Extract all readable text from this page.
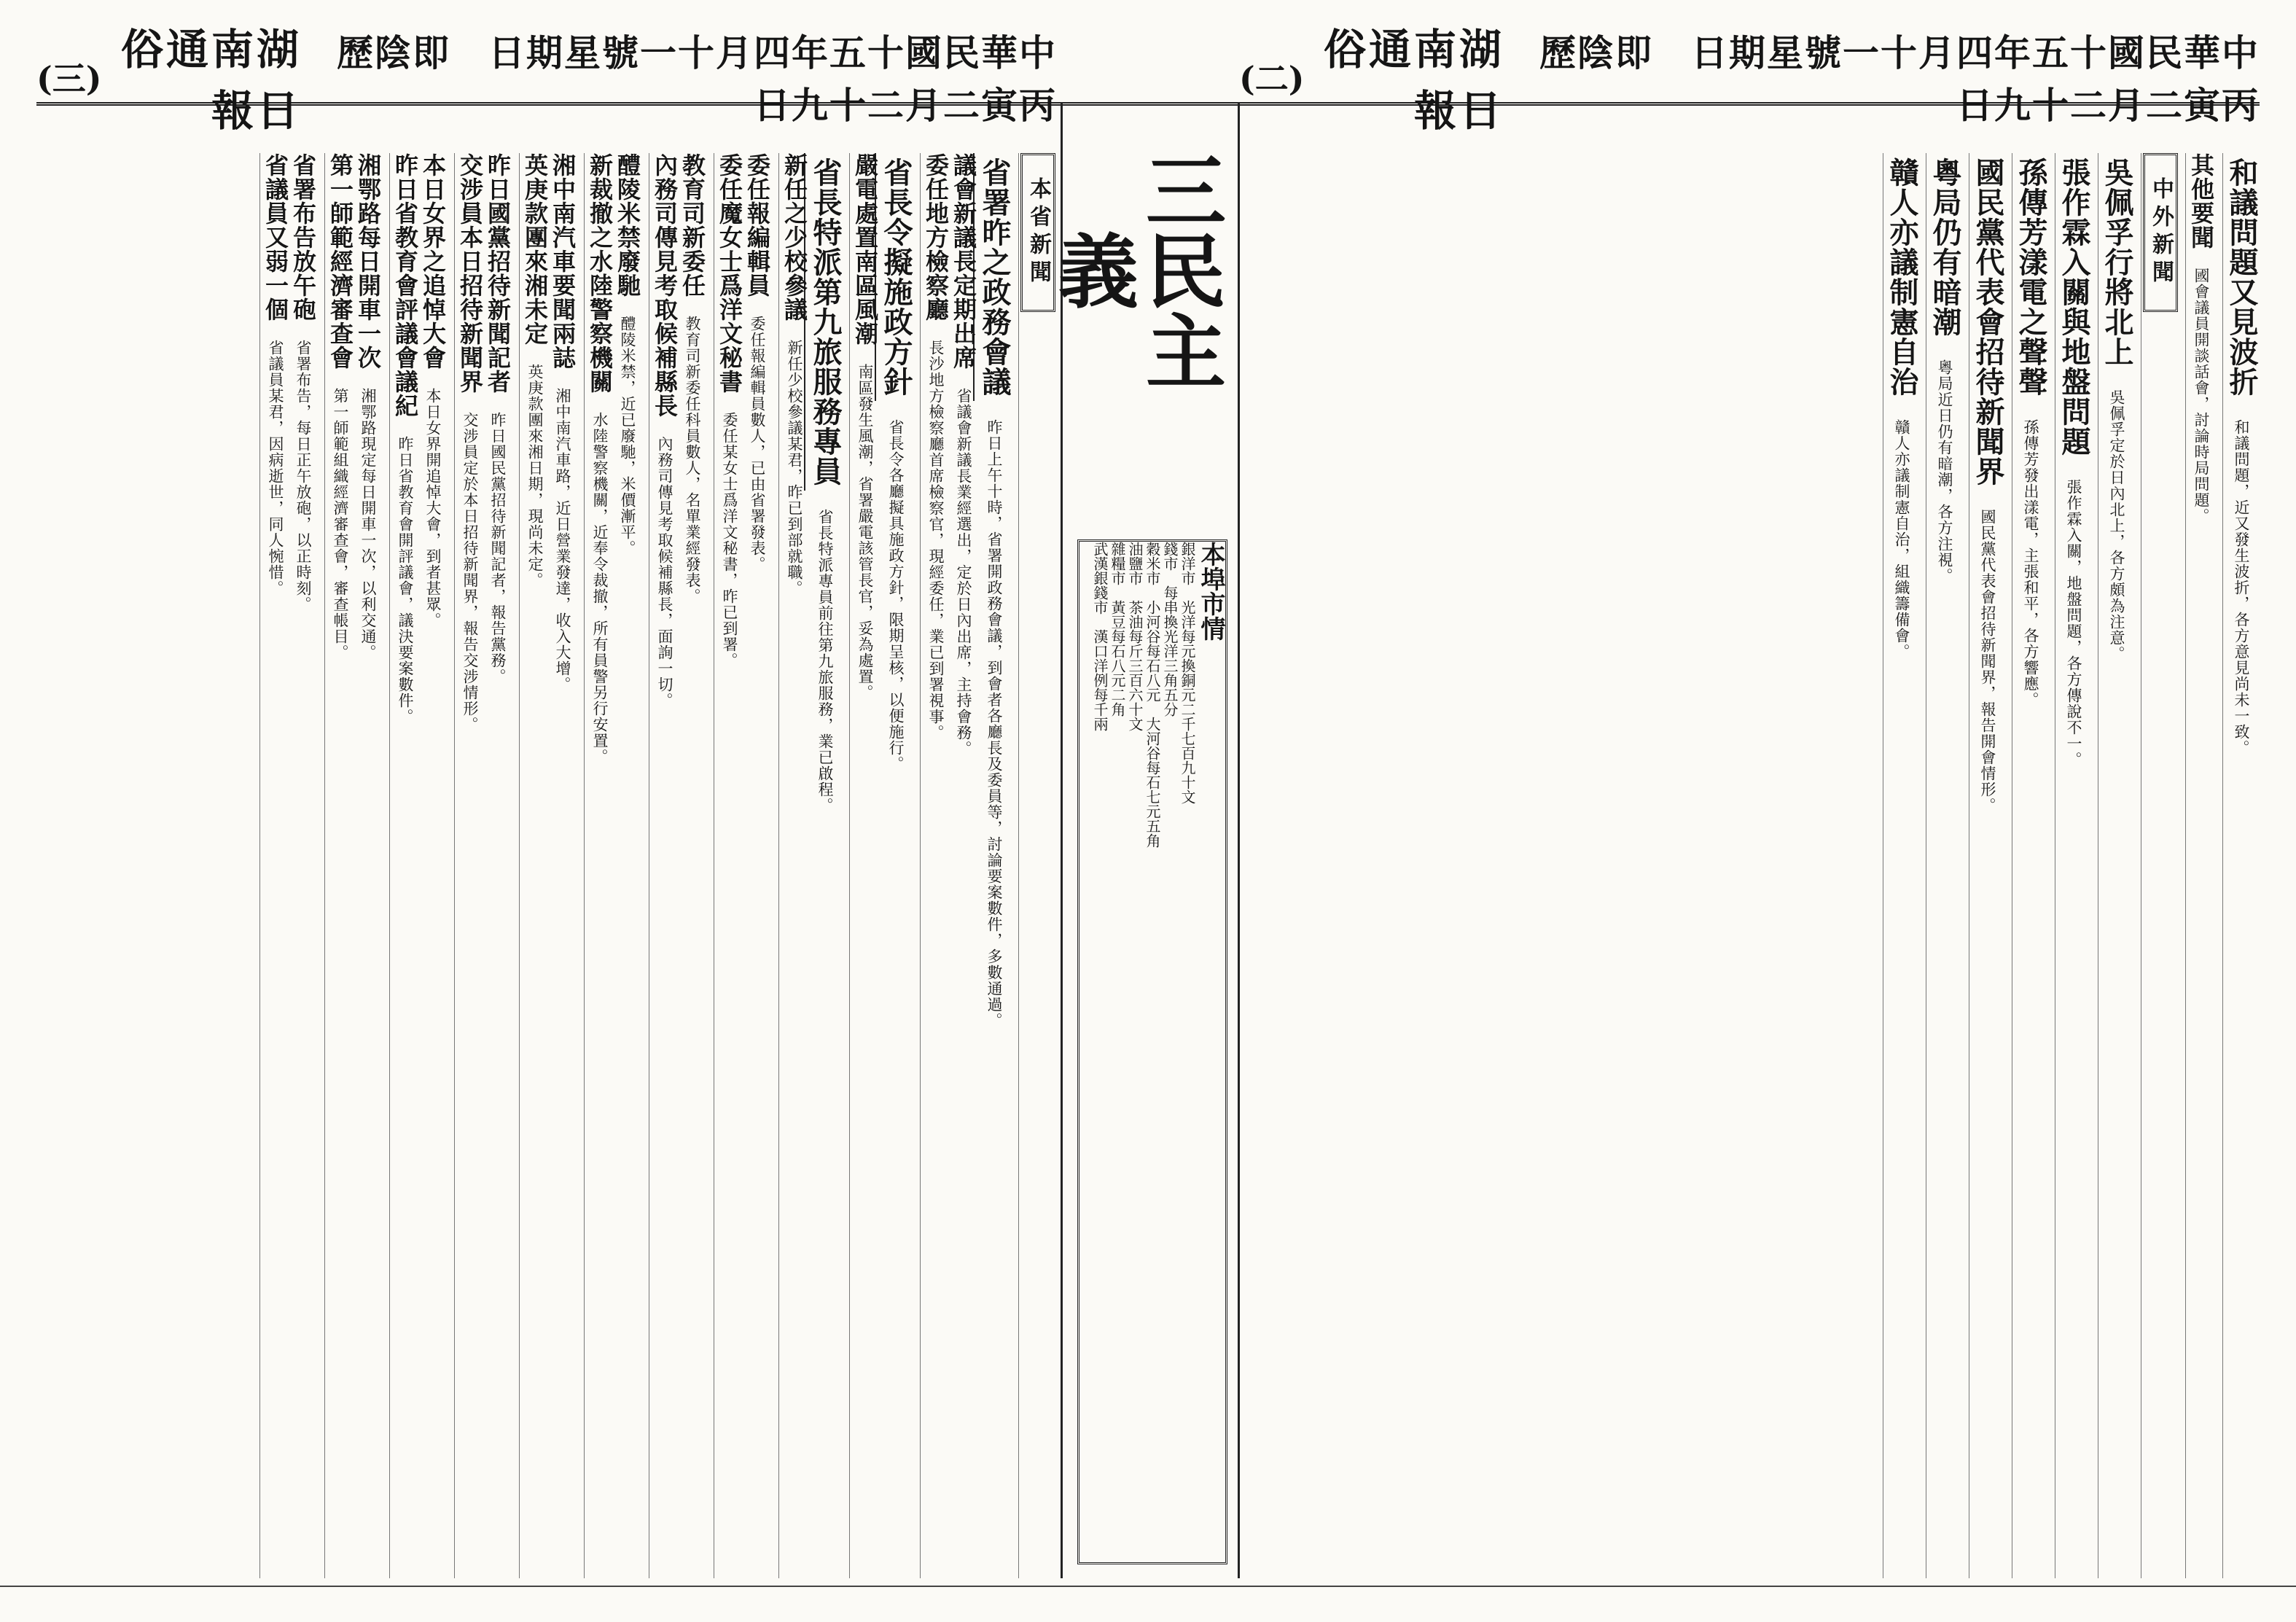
(三)
湖南通俗日報
中華民國十五年四月十一號星期日　即陰歷丙寅二月二十九日
(二)
湖南通俗日報
中華民國十五年四月十一號星期日　即陰歷丙寅二月二十九日
本省新聞
省署昨之政務會議 昨日上午十時，省署開政務會議，到會者各廳長及委員等，討論要案數件，多數通過。
議會新議長定期出席 省議會新議長業經選出，定於日內出席，主持會務。
委任地方檢察廳 長沙地方檢察廳首席檢察官，現經委任，業已到署視事。
省長令擬施政方針 省長令各廳擬具施政方針，限期呈核，以便施行。
嚴電處置南區風潮 南區發生風潮，省署嚴電該管長官，妥為處置。
省長特派第九旅服務專員 省長特派專員前往第九旅服務，業已啟程。
新任之少校參議 新任少校參議某君，昨已到部就職。
委任報編輯員 委任報編輯員數人，已由省署發表。
委任魔女士爲洋文秘書 委任某女士爲洋文秘書，昨已到署。
教育司新委任 教育司新委任科員數人，名單業經發表。
內務司傳見考取候補縣長 內務司傳見考取候補縣長，面詢一切。
醴陵米禁廢馳 醴陵米禁，近已廢馳，米價漸平。
新裁撤之水陸警察機關 水陸警察機關，近奉令裁撤，所有員警另行安置。
湘中南汽車要聞兩誌 湘中南汽車路，近日營業發達，收入大增。
英庚款團來湘未定 英庚款團來湘日期，現尚未定。
昨日國黨招待新聞記者 昨日國民黨招待新聞記者，報告黨務。
交涉員本日招待新聞界 交涉員定於本日招待新聞界，報告交涉情形。
本日女界之追悼大會 本日女界開追悼大會，到者甚眾。
昨日省教育會評議會議紀 昨日省教育會開評議會，議決要案數件。
湘鄂路每日開車一次 湘鄂路現定每日開車一次，以利交通。
第一師範經濟審查會 第一師範組織經濟審查會，審查帳目。
省署布告放午砲 省署布告，每日正午放砲，以正時刻。
省議員又弱一個 省議員某君，因病逝世，同人惋惜。
三民主義
本埠市情
銀洋市　光洋每元換銅元二千七百九十文
錢市　每串換光洋三角五分
穀米市　小河谷每石八元　大河谷每石七元五角
油鹽市　茶油每斤三百六十文
雜糧市　黃豆每石八元二角
武漢銀錢市　漢口洋例每千兩
和議問題又見波折 和議問題，近又發生波折，各方意見尚未一致。
其他要聞 國會議員開談話會，討論時局問題。
中外新聞
吳佩孚行將北上 吳佩孚定於日內北上，各方頗為注意。
張作霖入關與地盤問題 張作霖入關，地盤問題，各方傳說不一。
孫傳芳漾電之聲聲 孫傳芳發出漾電，主張和平，各方響應。
國民黨代表會招待新聞界 國民黨代表會招待新聞界，報告開會情形。
粵局仍有暗潮 粵局近日仍有暗潮，各方注視。
贛人亦議制憲自治 贛人亦議制憲自治，組織籌備會。
